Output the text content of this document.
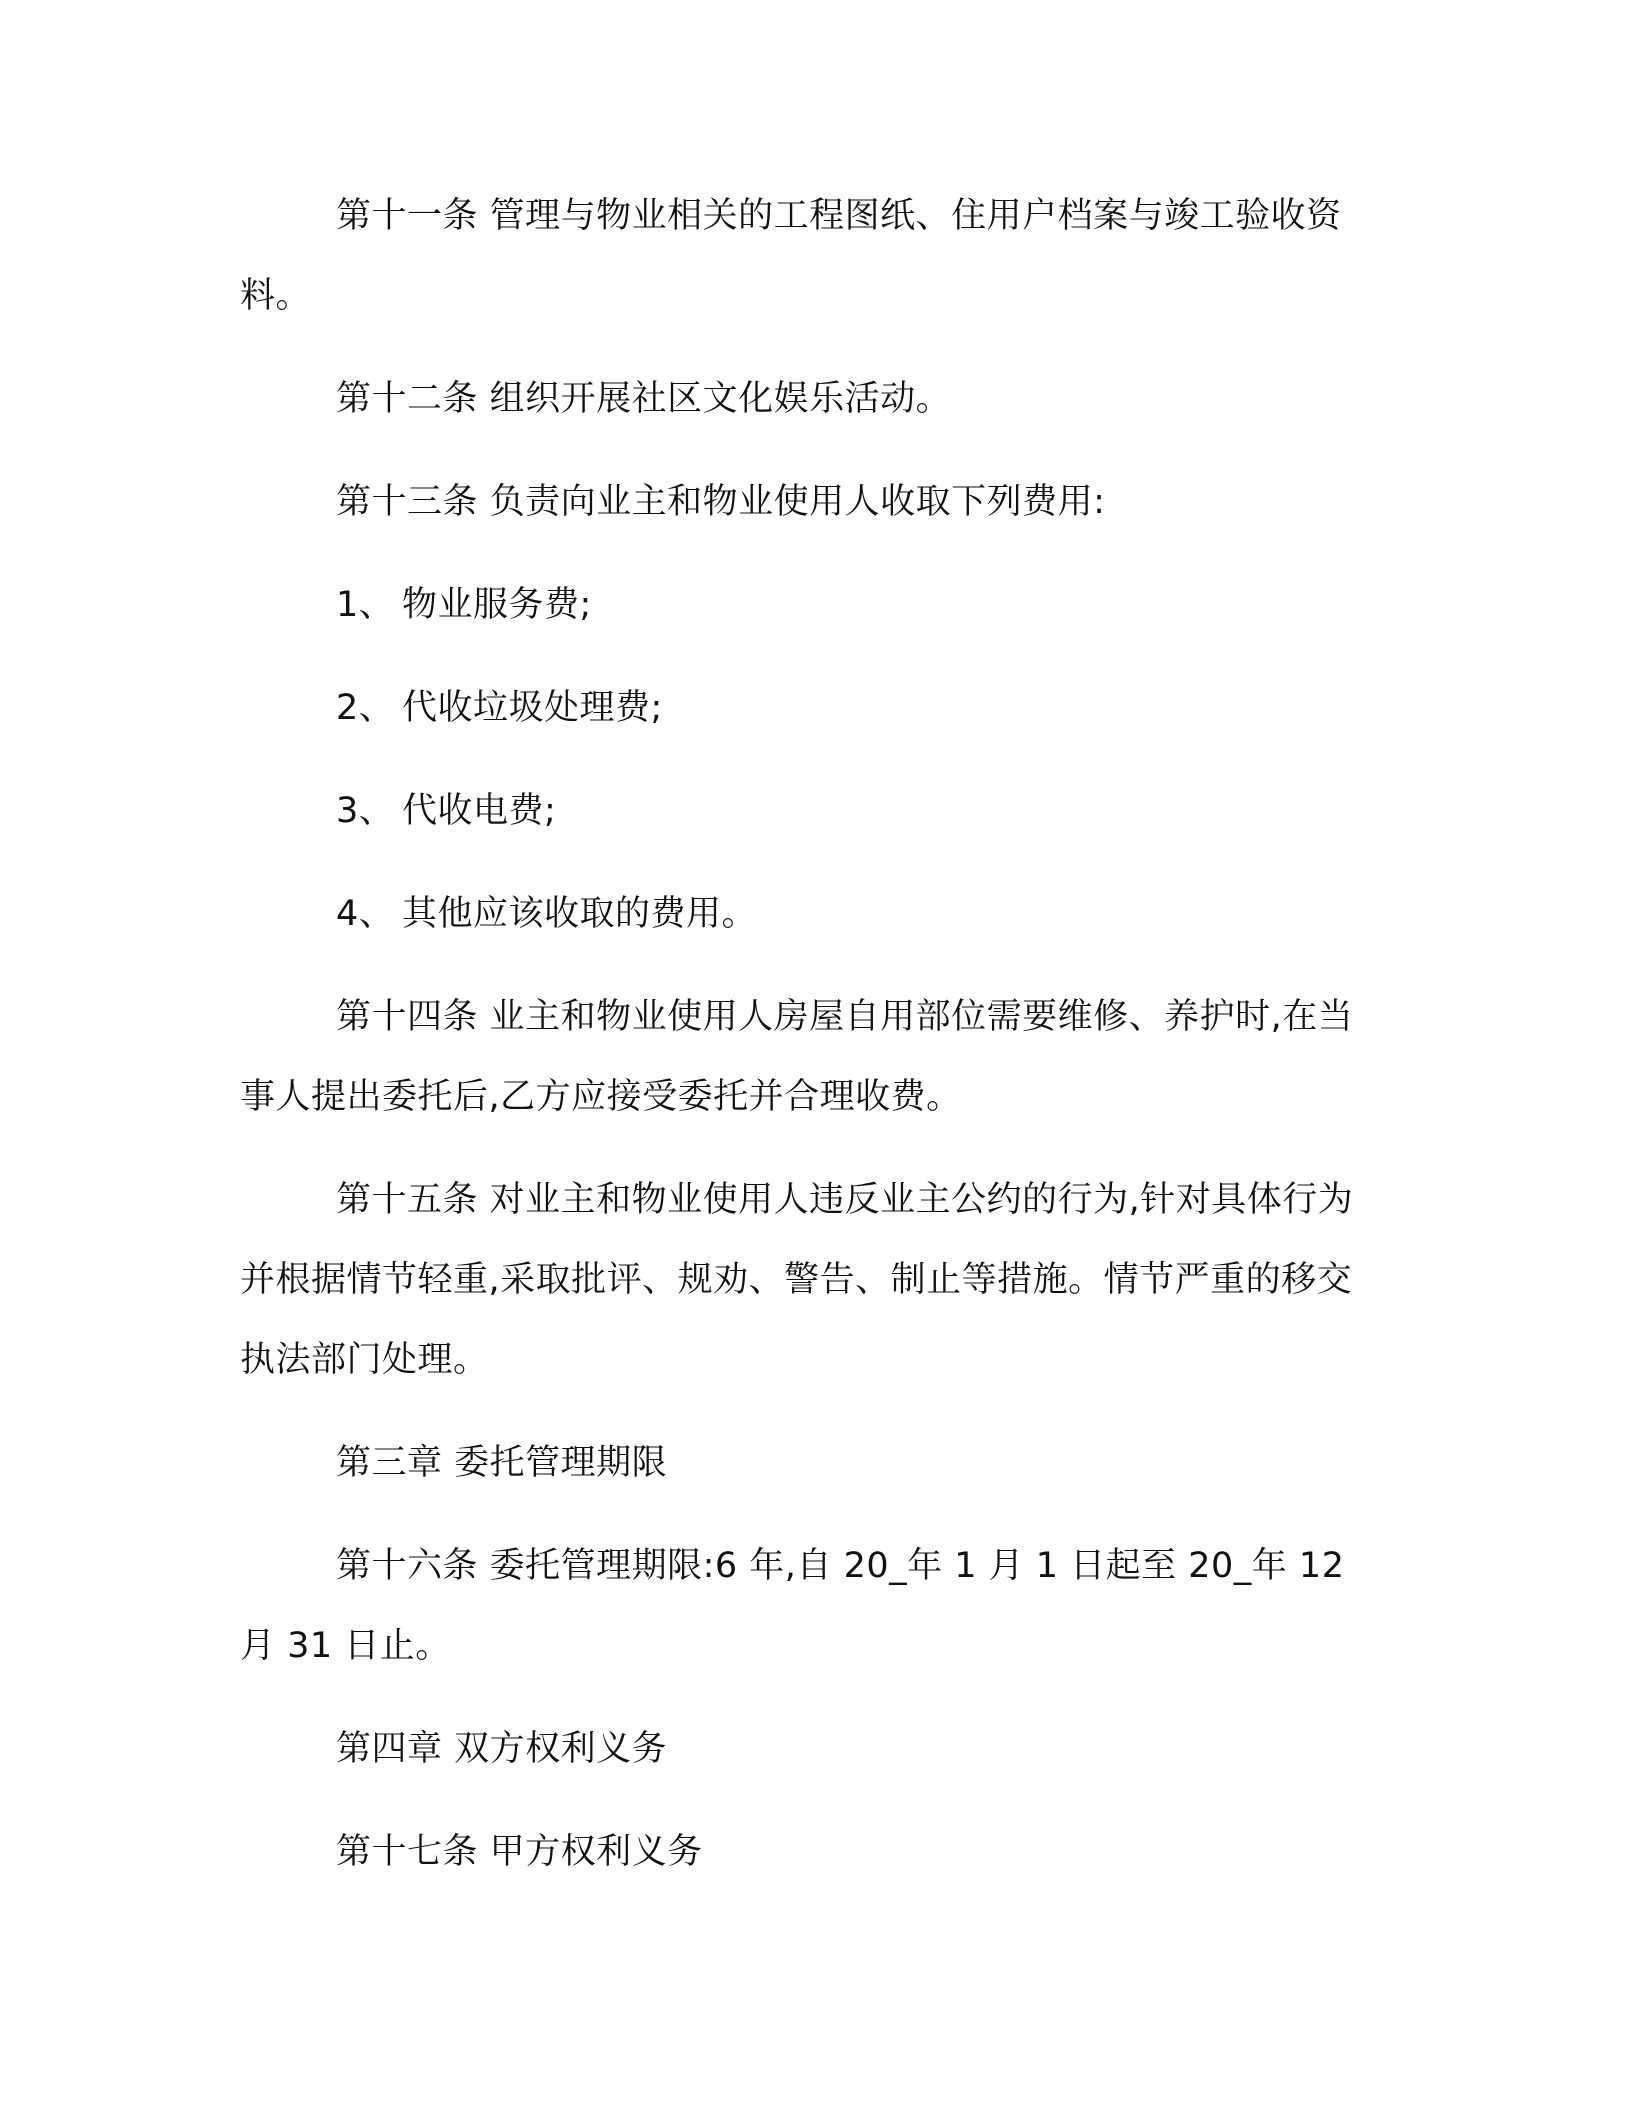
第十一条 管理与物业相关的工程图纸、住用户档案与竣工验收资料。

第十二条 组织开展社区文化娱乐活动。

第十三条 负责向业主和物业使用人收取下列费用:

1、 物业服务费;
2、 代收垃圾处理费;
3、 代收电费;
4、 其他应该收取的费用。

第十四条 业主和物业使用人房屋自用部位需要维修、养护时,在当事人提出委托后,乙方应接受委托并合理收费。

第十五条 对业主和物业使用人违反业主公约的行为,针对具体行为并根据情节轻重,采取批评、规劝、警告、制止等措施。情节严重的移交执法部门处理。

第三章 委托管理期限

第十六条 委托管理期限:6 年,自 20_年 1 月 1 日起至 20_年 12 月 31 日止。

第四章 双方权利义务

第十七条 甲方权利义务
